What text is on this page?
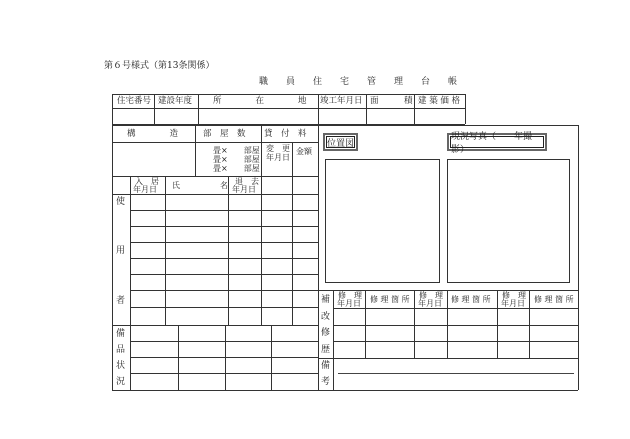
第６号様式（第13条関係）
職　　員　　住　　宅　　管　　理　　台　　帳
住宅番号 建設年度 所　　　　在　　　　地 竣工年月日 面　　　積 建 築 価 格
構　　　　造	部　屋　数 貸　付　料
畳×　　部屋
畳×　　部屋
畳×　　部屋
変　更
年月日
金額
入　居
年月日 氏　　　　　名 退　去
年月日
使
用
者
備
品
状
況
位置図
現況写真（　　年撮影）
修　理
年月日 修 理 箇 所 修　理
年月日 修 理 箇 所 修　理
年月日 修 理 箇 所
補
改
修
歴
備
考
